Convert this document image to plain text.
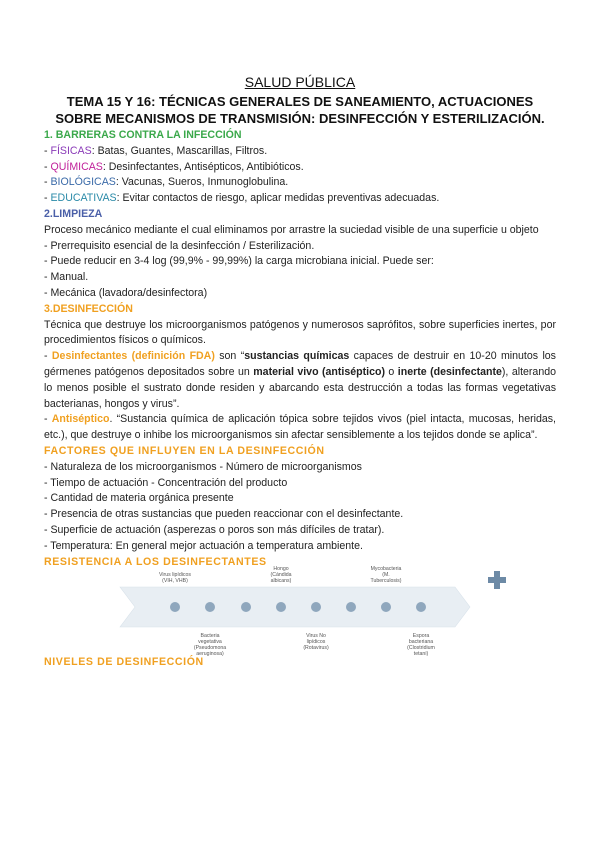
SALUD PÚBLICA
TEMA 15 Y 16: TÉCNICAS GENERALES DE SANEAMIENTO, ACTUACIONES SOBRE MECANISMOS DE TRANSMISIÓN: DESINFECCIÓN Y ESTERILIZACIÓN.

1. BARRERAS CONTRA LA INFECCIÓN

- FÍSICAS: Batas, Guantes, Mascarillas, Filtros.

- QUÍMICAS: Desinfectantes, Antisépticos, Antibióticos.

- BIOLÓGICAS: Vacunas, Sueros, Inmunoglobulina.

- EDUCATIVAS: Evitar contactos de riesgo, aplicar medidas preventivas adecuadas.

2.LIMPIEZA

Proceso mecánico mediante el cual eliminamos por arrastre la suciedad visible de una superficie u objeto

- Prerrequisito esencial de la desinfección / Esterilización.

- Puede reducir en 3-4 log (99,9% - 99,99%) la carga microbiana inicial. Puede ser:

- Manual.

- Mecánica (lavadora/desinfectora)

3.DESINFECCIÓN

Técnica que destruye los microorganismos patógenos y numerosos saprófitos, sobre superficies inertes, por procedimientos físicos o químicos.

- Desinfectantes (definición FDA) son “sustancias químicas capaces de destruir en 10-20 minutos los gérmenes patógenos depositados sobre un material vivo (antiséptico) o inerte (desinfectante), alterando lo menos posible el sustrato donde residen y abarcando esta destrucción a todas las formas vegetativas bacterianas, hongos y virus”.

- Antiséptico. “Sustancia química de aplicación tópica sobre tejidos vivos (piel intacta, mucosas, heridas, etc.), que destruye o inhibe los microorganismos sin afectar sensiblemente a los tejidos donde se aplica”.

FACTORES QUE INFLUYEN EN LA DESINFECCIÓN

- Naturaleza de los microorganismos - Número de microorganismos

- Tiempo de actuación - Concentración del producto

- Cantidad de materia orgánica presente

- Presencia de otras sustancias que pueden reaccionar con el desinfectante.

- Superficie de actuación (asperezas o poros son más difíciles de tratar).

- Temperatura: En general mejor actuación a temperatura ambiente.

RESISTENCIA A LOS DESINFECTANTES

Virus lipídicos (VIH, VHB)
Hongo (Cándida albicans)
Mycobacteria (M. Tuberculosis)
Bacteria vegetativa (Pseudomona aeruginosa)
Virus No lipídicos (Rotavirus)
Espora bacteriana (Clostridium tetani)
NIVELES DE DESINFECCIÓN
